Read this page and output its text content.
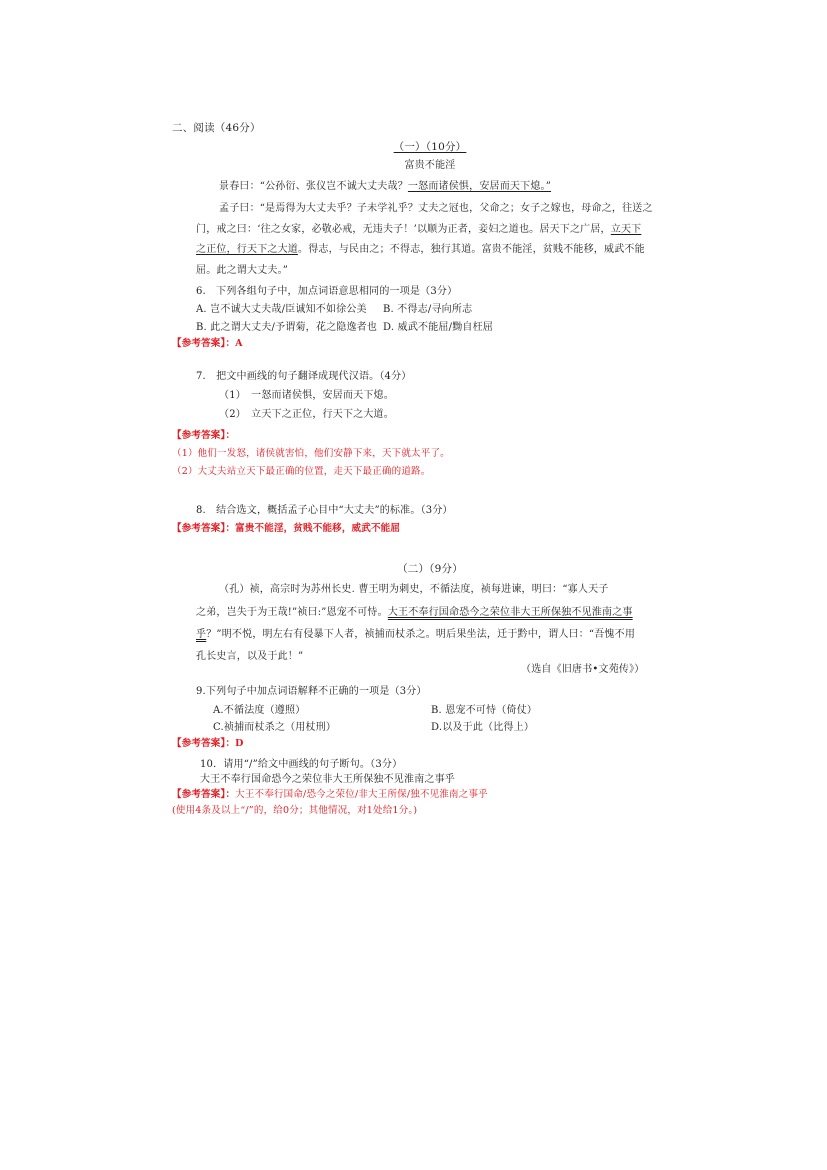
二、阅读（46分）
（一）（10分）
富贵不能淫
景春曰：“公孙衍、张仪岂不诚大丈夫哉？一怒而诸侯惧，安居而天下熄。”
孟子曰：“是焉得为大丈夫乎？子未学礼乎？丈夫之冠也，父命之；女子之嫁也，母命之，往送之
门，戒之曰：‘往之女家，必敬必戒，无违夫子！’以顺为正者，妾妇之道也。居天下之广居，立天下
之正位，行天下之大道。得志，与民由之；不得志，独行其道。富贵不能淫，贫贱不能移，威武不能
屈。此之谓大丈夫。”
6.　下列各组句子中，加点词语意思相同的一项是（3分）
A. 岂不诚大丈夫哉/臣诚知不如徐公美 B. 不得志/寻向所志
B. 此之谓大丈夫/予谓菊，花之隐逸者也 D. 威武不能屈/黝自枉屈
【参考答案】：A
7.　把文中画线的句子翻译成现代汉语。（4分）
（1）　一怒而诸侯惧，安居而天下熄。
（2）　立天下之正位，行天下之大道。
【参考答案】：
（1）他们一发怒，诸侯就害怕，他们安静下来，天下就太平了。
（2）大丈夫站立天下最正确的位置，走天下最正确的道路。
8.　结合选文，概括孟子心目中“大丈夫”的标准。（3分）
【参考答案】：富贵不能淫，贫贱不能移，威武不能屈
（二）（9分）
（孔）祯，高宗时为苏州长史. 曹王明为刺史，不循法度，祯每进谏，明曰：“寡人天子
之弟，岂失于为王哉!”祯曰:”恩宠不可恃。大王不奉行国命恐今之荣位非大王所保独不见淮南之事
乎？”明不悦，明左右有侵暴下人者，祯捕而杖杀之。明后果坐法，迁于黔中，谓人曰：“吾愧不用
孔长史言，以及于此！”
（选自《旧唐书•文苑传》）
9.下列句子中加点词语解释不正确的一项是（3分）
A.不循法度（遵照）	B. 恩宠不可恃（倚仗）
C.祯捕而杖杀之（用杖刑）	D.以及于此（比得上）
【参考答案】：D
10．请用“/”给文中画线的句子断句。（3分）
大王不奉行国命恐今之荣位非大王所保独不见淮南之事乎
【参考答案】：大王不奉行国命/恐今之荣位/非大王所保/独不见淮南之事乎
(使用4条及以上“/”的，给0分；其他情况，对1处给1分。)
